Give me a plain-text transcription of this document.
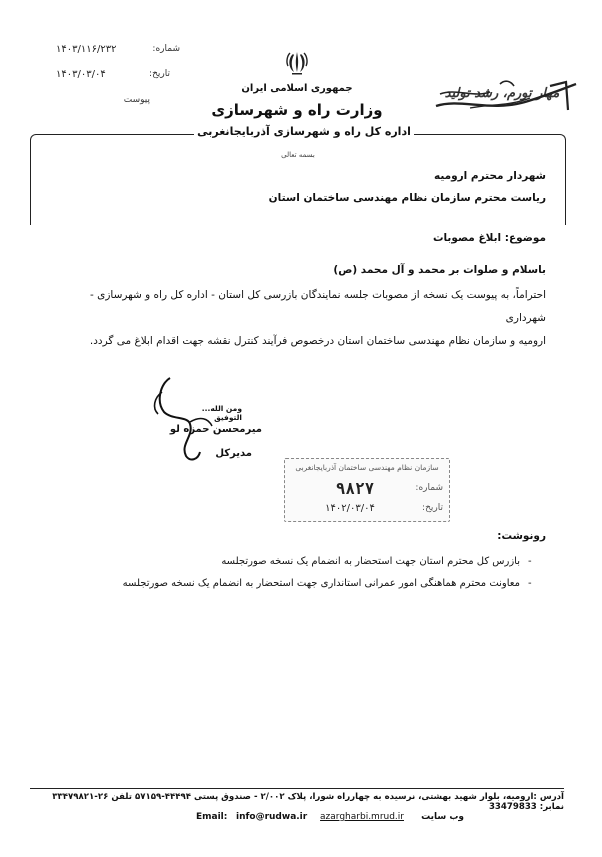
شماره:
۱۴۰۳/۱۱۶/۲۳۲
تاریخ:
۱۴۰۳/۰۳/۰۴
پیوست
جمهوری اسلامی ایران
وزارت راه و شهرسازی
مهار تورم، رشد تولید
اداره کل راه و شهرسازی آذربایجانغربی
بسمه تعالی
شهردار محترم ارومیه
ریاست محترم سازمان نظام مهندسی ساختمان استان
موضوع: ابلاغ مصوبات
باسلام و صلوات بر محمد و آل محمد (ص)
احتراماً، به پیوست یک نسخه از مصوبات جلسه نمایندگان بازرسی کل استان - اداره کل راه و شهرسازی - شهرداری
ارومیه و سازمان نظام مهندسی ساختمان استان درخصوص فرآیند کنترل نقشه جهت اقدام ابلاغ می گردد.
ومن الله... التوفیق
میرمحسن حمزه لو
مدیرکل
سازمان نظام مهندسی ساختمان آذربایجانغربی
شماره:
۹۸۲۷
تاریخ:
۱۴۰۲/۰۳/۰۴
رونوشت:
بازرس کل محترم استان جهت استحضار به انضمام یک نسخه صورتجلسه -
معاونت محترم هماهنگی امور عمرانی استانداری جهت استحضار به انضمام یک نسخه صورتجلسه -
آدرس :ارومیه، بلوار شهید بهشتی، نرسیده به چهارراه شورا، پلاک ۲/۰۰۲ - صندوق پستی ۴۴۴۹۴-۵۷۱۵۹ تلفن ۲۶-۳۳۴۷۹۸۲۱ نمابر: 33479833
وب سایت
azargharbi.mrud.ir
Email: info@rudwa.ir
